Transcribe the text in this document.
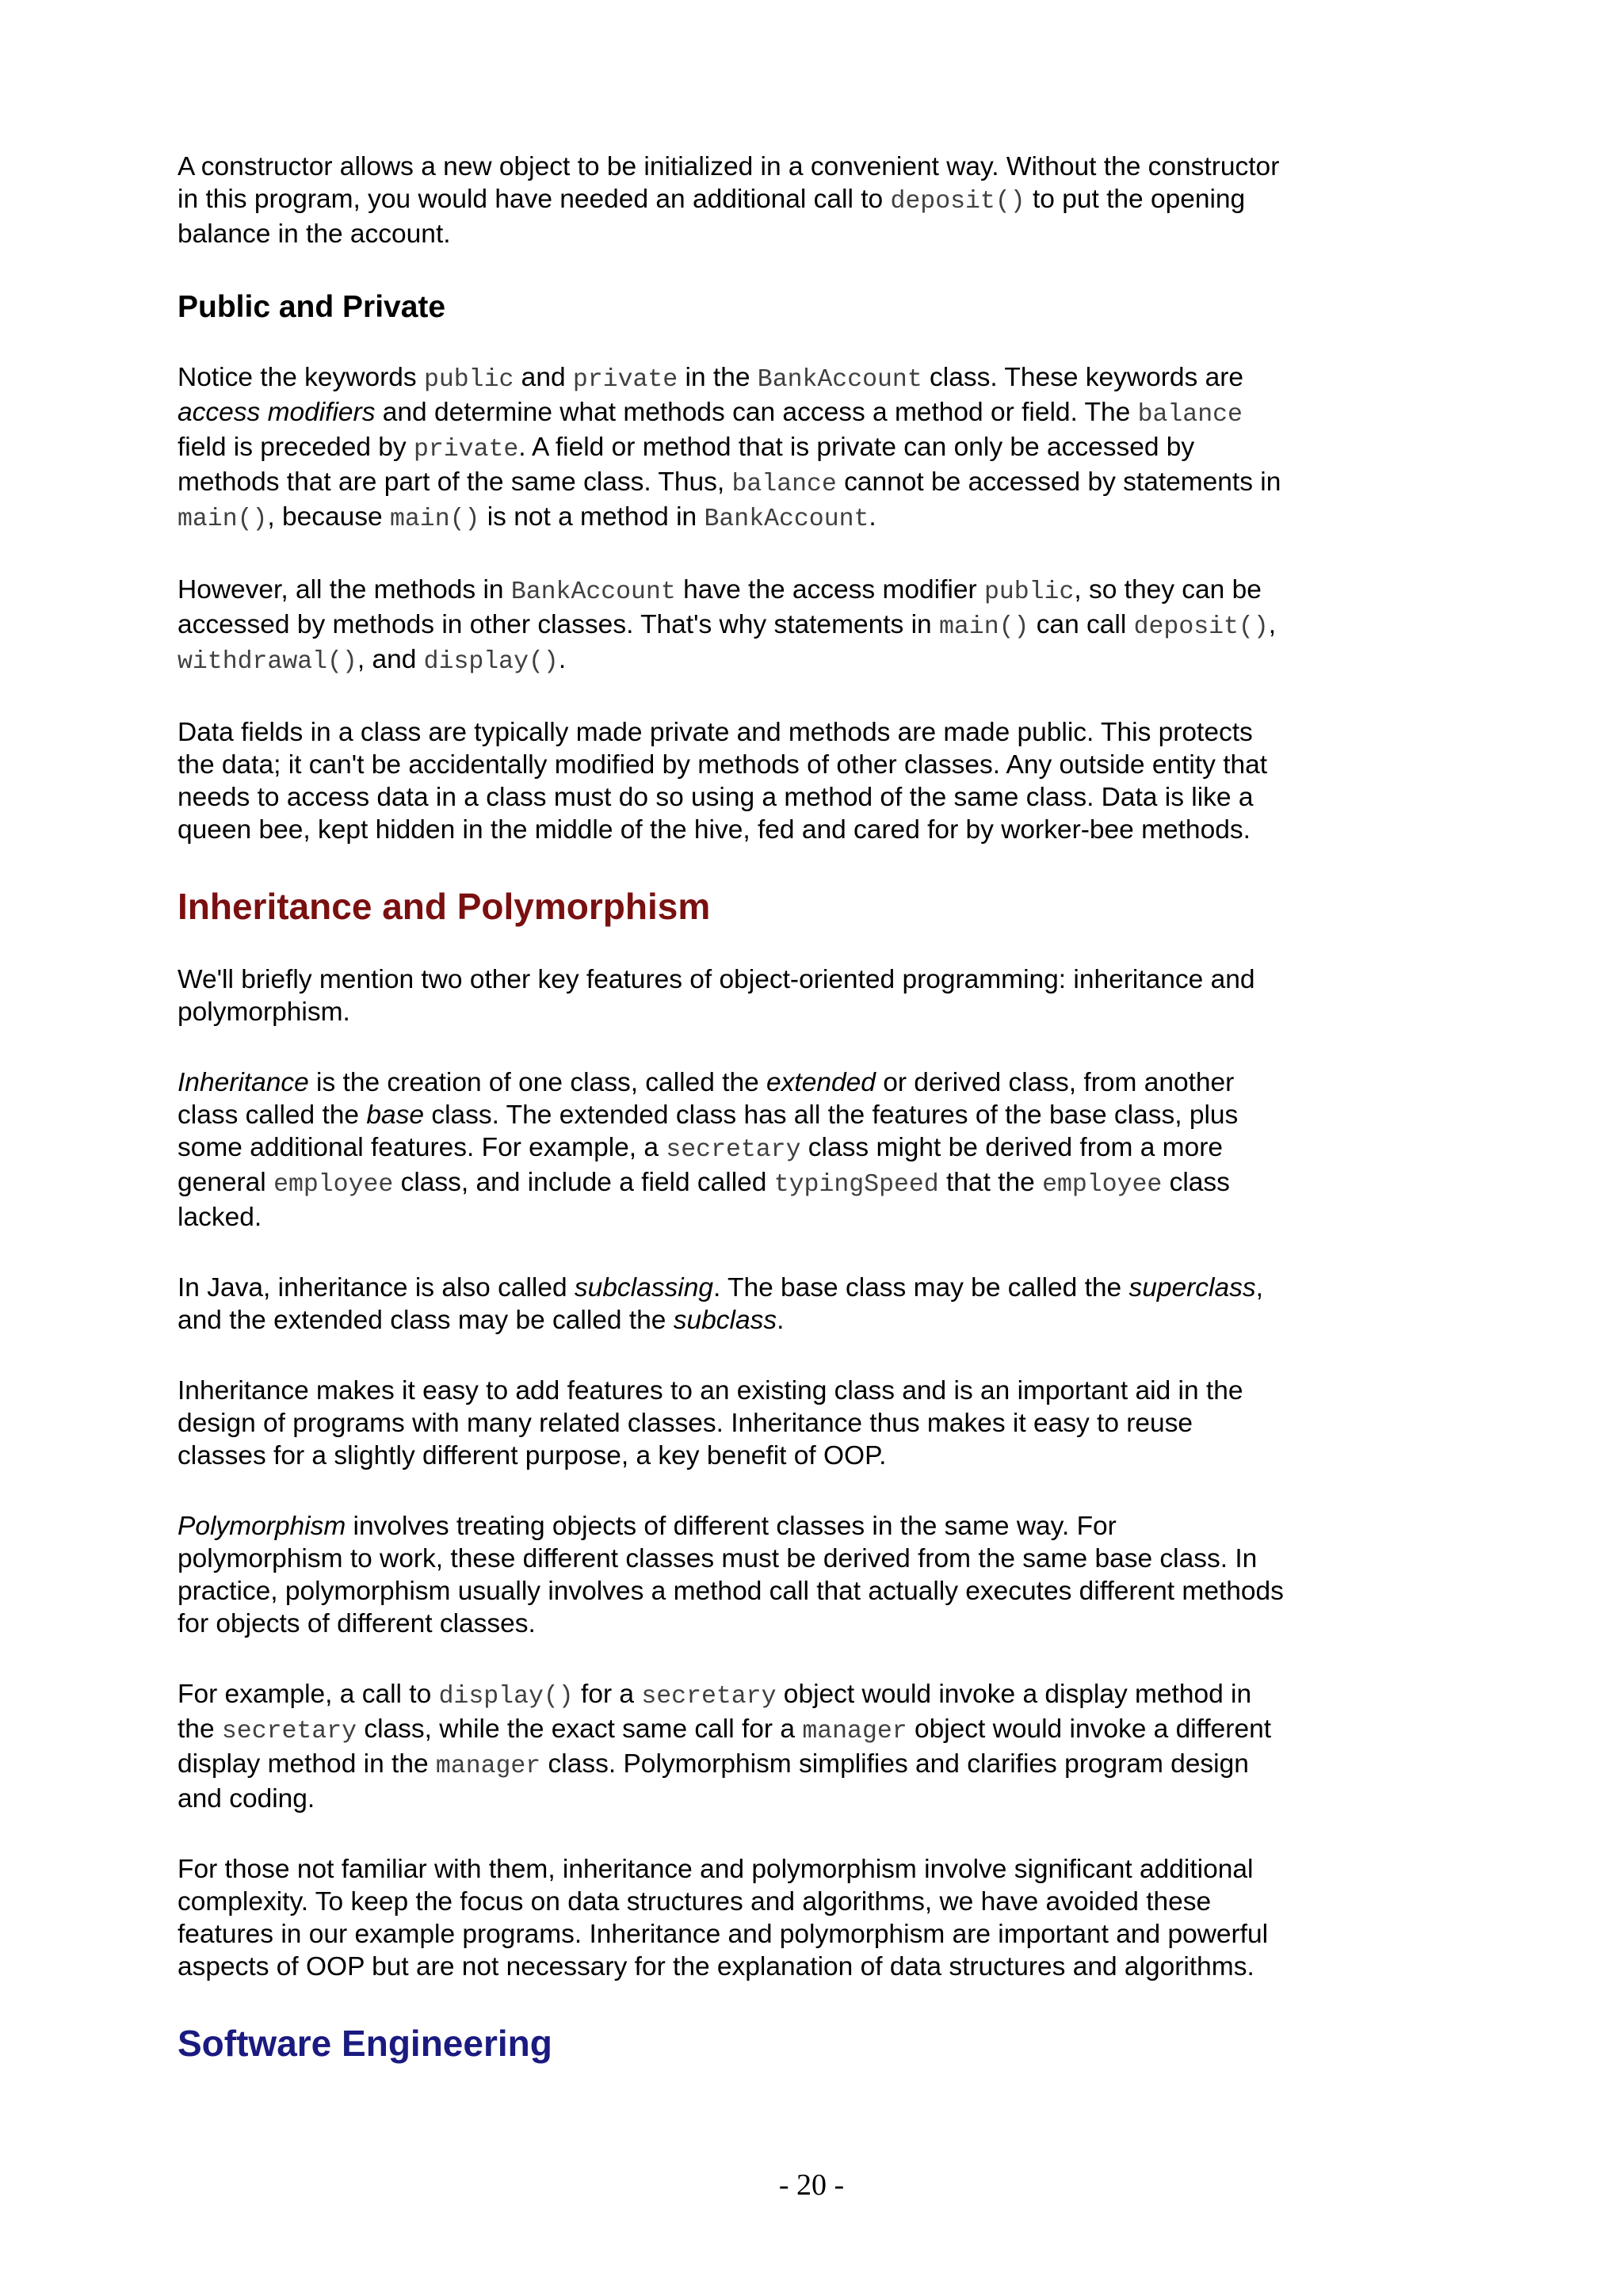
A constructor allows a new object to be initialized in a convenient way. Without the constructor in this program, you would have needed an additional call to deposit() to put the opening balance in the account.

Public and Private

Notice the keywords public and private in the BankAccount class. These keywords are access modifiers and determine what methods can access a method or field. The balance field is preceded by private. A field or method that is private can only be accessed by methods that are part of the same class. Thus, balance cannot be accessed by statements in main(), because main() is not a method in BankAccount.

However, all the methods in BankAccount have the access modifier public, so they can be accessed by methods in other classes. That's why statements in main() can call deposit(), withdrawal(), and display().

Data fields in a class are typically made private and methods are made public. This protects the data; it can't be accidentally modified by methods of other classes. Any outside entity that needs to access data in a class must do so using a method of the same class. Data is like a queen bee, kept hidden in the middle of the hive, fed and cared for by worker-bee methods.

Inheritance and Polymorphism

We'll briefly mention two other key features of object-oriented programming: inheritance and polymorphism.

Inheritance is the creation of one class, called the extended or derived class, from another class called the base class. The extended class has all the features of the base class, plus some additional features. For example, a secretary class might be derived from a more general employee class, and include a field called typingSpeed that the employee class lacked.

In Java, inheritance is also called subclassing. The base class may be called the superclass, and the extended class may be called the subclass.

Inheritance makes it easy to add features to an existing class and is an important aid in the design of programs with many related classes. Inheritance thus makes it easy to reuse classes for a slightly different purpose, a key benefit of OOP.

Polymorphism involves treating objects of different classes in the same way. For polymorphism to work, these different classes must be derived from the same base class. In practice, polymorphism usually involves a method call that actually executes different methods for objects of different classes.

For example, a call to display() for a secretary object would invoke a display method in the secretary class, while the exact same call for a manager object would invoke a different display method in the manager class. Polymorphism simplifies and clarifies program design and coding.

For those not familiar with them, inheritance and polymorphism involve significant additional complexity. To keep the focus on data structures and algorithms, we have avoided these features in our example programs. Inheritance and polymorphism are important and powerful aspects of OOP but are not necessary for the explanation of data structures and algorithms.

Software Engineering
- 20 -
